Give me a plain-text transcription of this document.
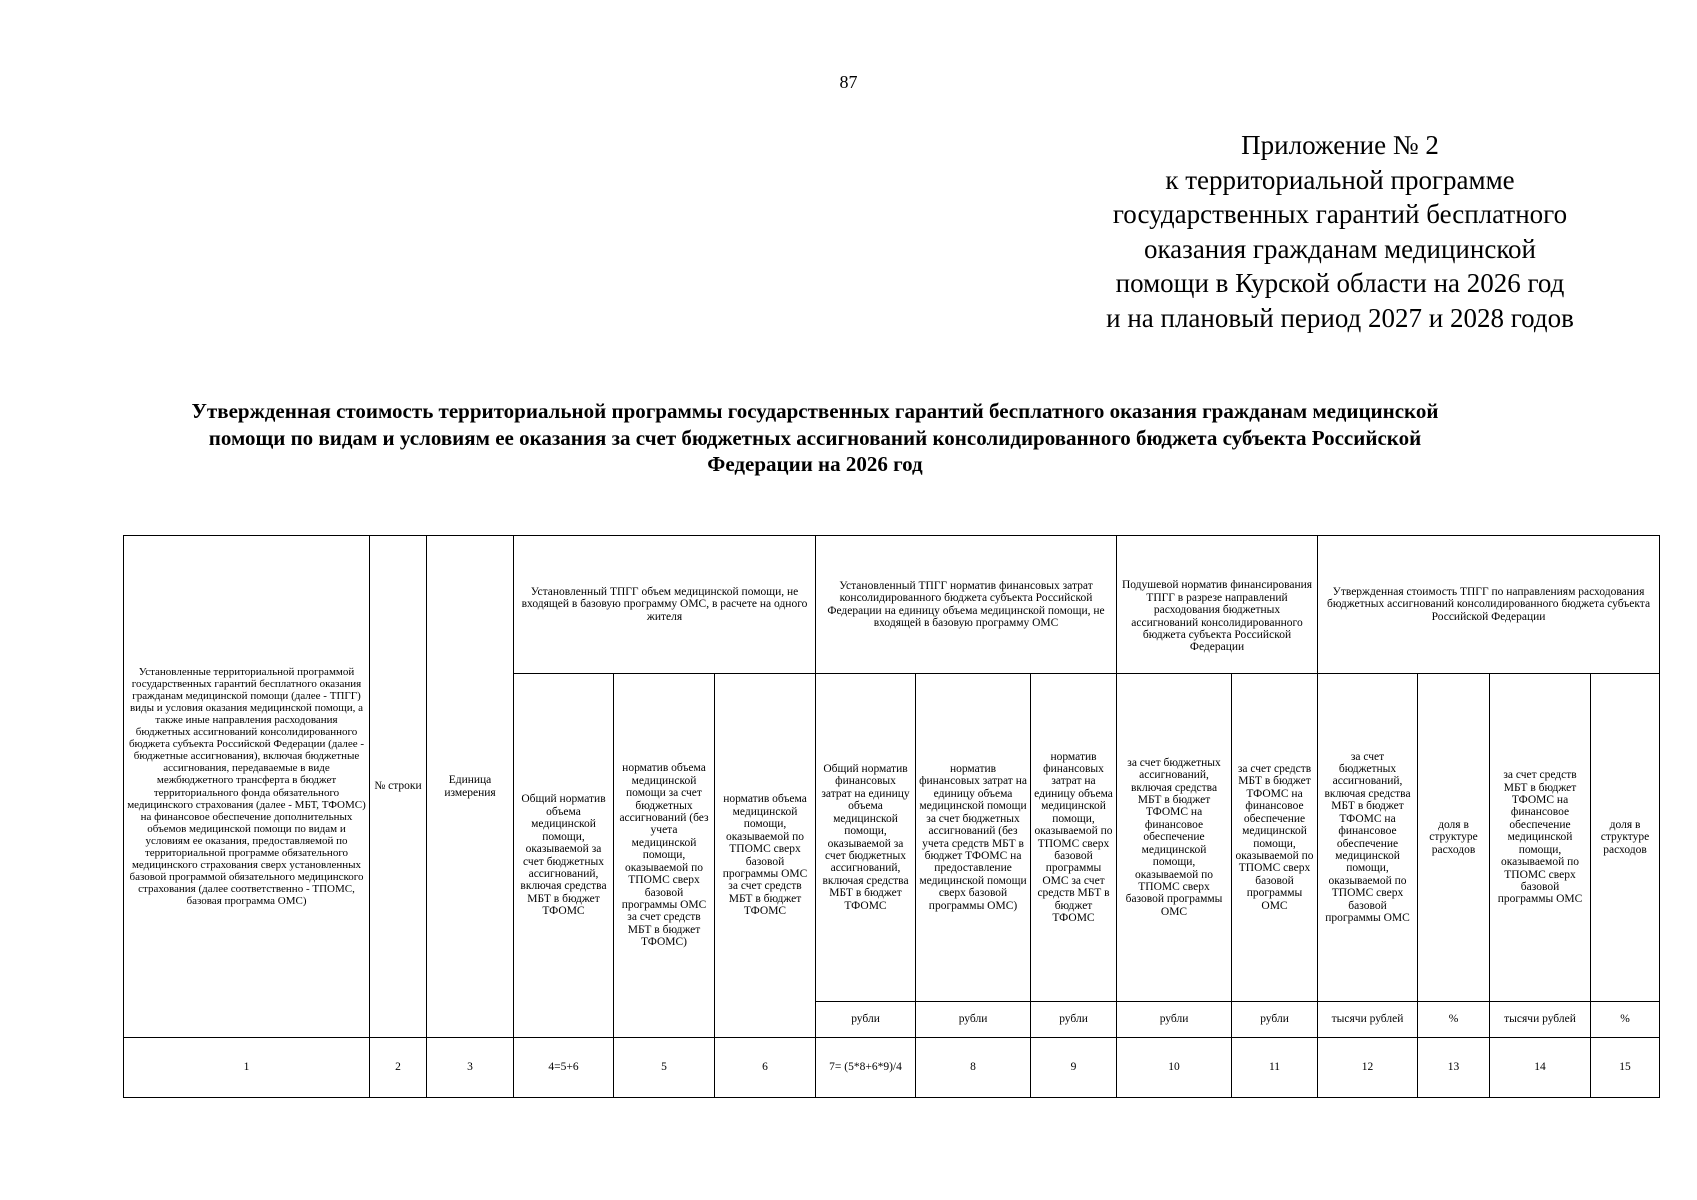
87
Приложение № 2
к территориальной программе
государственных гарантий бесплатного
оказания гражданам медицинской
помощи в Курской области на 2026 год
и на плановый период 2027 и 2028 годов
Утвержденная стоимость территориальной программы государственных гарантий бесплатного оказания гражданам медицинской
помощи по видам и условиям ее оказания за счет бюджетных ассигнований консолидированного бюджета субъекта Российской
Федерации на 2026 год
Установленные территориальной программой государственных гарантий бесплатного оказания гражданам медицинской помощи (далее - ТПГГ) виды и условия оказания медицинской помощи, а также иные направления расходования бюджетных ассигнований консолидированного бюджета субъекта Российской Федерации (далее - бюджетные ассигнования), включая бюджетные ассигнования, передаваемые в виде межбюджетного трансферта в бюджет территориального фонда обязательного медицинского страхования (далее - МБТ, ТФОМС) на финансовое обеспечение дополнительных объемов медицинской помощи по видам и условиям ее оказания, предоставляемой по территориальной программе обязательного медицинского страхования сверх установленных базовой программой обязательного медицинского страхования (далее соответственно - ТПОМС, базовая программа ОМС)	№ строки	Единица измерения	Установленный ТПГГ объем медицинской помощи, не входящей в базовую программу ОМС, в расчете на одного жителя			Установленный ТПГГ норматив финансовых затрат консолидированного бюджета субъекта Российской Федерации на единицу объема медицинской помощи, не входящей в базовую программу ОМС			Подушевой норматив финансирования ТПГГ в разрезе направлений расходования бюджетных ассигнований консолидированного бюджета субъекта Российской Федерации		Утвержденная стоимость ТПГГ по направлениям расходования бюджетных ассигнований консолидированного бюджета субъекта Российской Федерации			
			Общий норматив объема медицинской помощи, оказываемой за счет бюджетных ассигнований, включая средства МБТ в бюджет ТФОМС	норматив объема медицинской помощи за счет бюджетных ассигнований (без учета медицинской помощи, оказываемой по ТПОМС сверх базовой программы ОМС за счет средств МБТ в бюджет ТФОМС)	норматив объема медицинской помощи, оказываемой по ТПОМС сверх базовой программы ОМС за счет средств МБТ в бюджет ТФОМС	Общий норматив финансовых затрат на единицу объема медицинской помощи, оказываемой за счет бюджетных ассигнований, включая средства МБТ в бюджет ТФОМС	норматив финансовых затрат на единицу объема медицинской помощи за счет бюджетных ассигнований (без учета средств МБТ в бюджет ТФОМС на предоставление медицинской помощи сверх базовой программы ОМС)	норматив финансовых затрат на единицу объема медицинской помощи, оказываемой по ТПОМС сверх базовой программы ОМС за счет средств МБТ в бюджет ТФОМС	за счет бюджетных ассигнований, включая средства МБТ в бюджет ТФОМС на финансовое обеспечение медицинской помощи, оказываемой по ТПОМС сверх базовой программы ОМС	за счет средств МБТ в бюджет ТФОМС на финансовое обеспечение медицинской помощи, оказываемой по ТПОМС сверх базовой программы ОМС	за счет бюджетных ассигнований, включая средства МБТ в бюджет ТФОМС на финансовое обеспечение медицинской помощи, оказываемой по ТПОМС сверх базовой программы ОМС	доля в структуре расходов	за счет средств МБТ в бюджет ТФОМС на финансовое обеспечение медицинской помощи, оказываемой по ТПОМС сверх базовой программы ОМС	доля в структуре расходов
						рубли	рубли	рубли	рубли	рубли	тысячи рублей	%	тысячи рублей	%
1	2	3	4=5+6	5	6	7= (5*8+6*9)/4	8	9	10	11	12	13	14	15
